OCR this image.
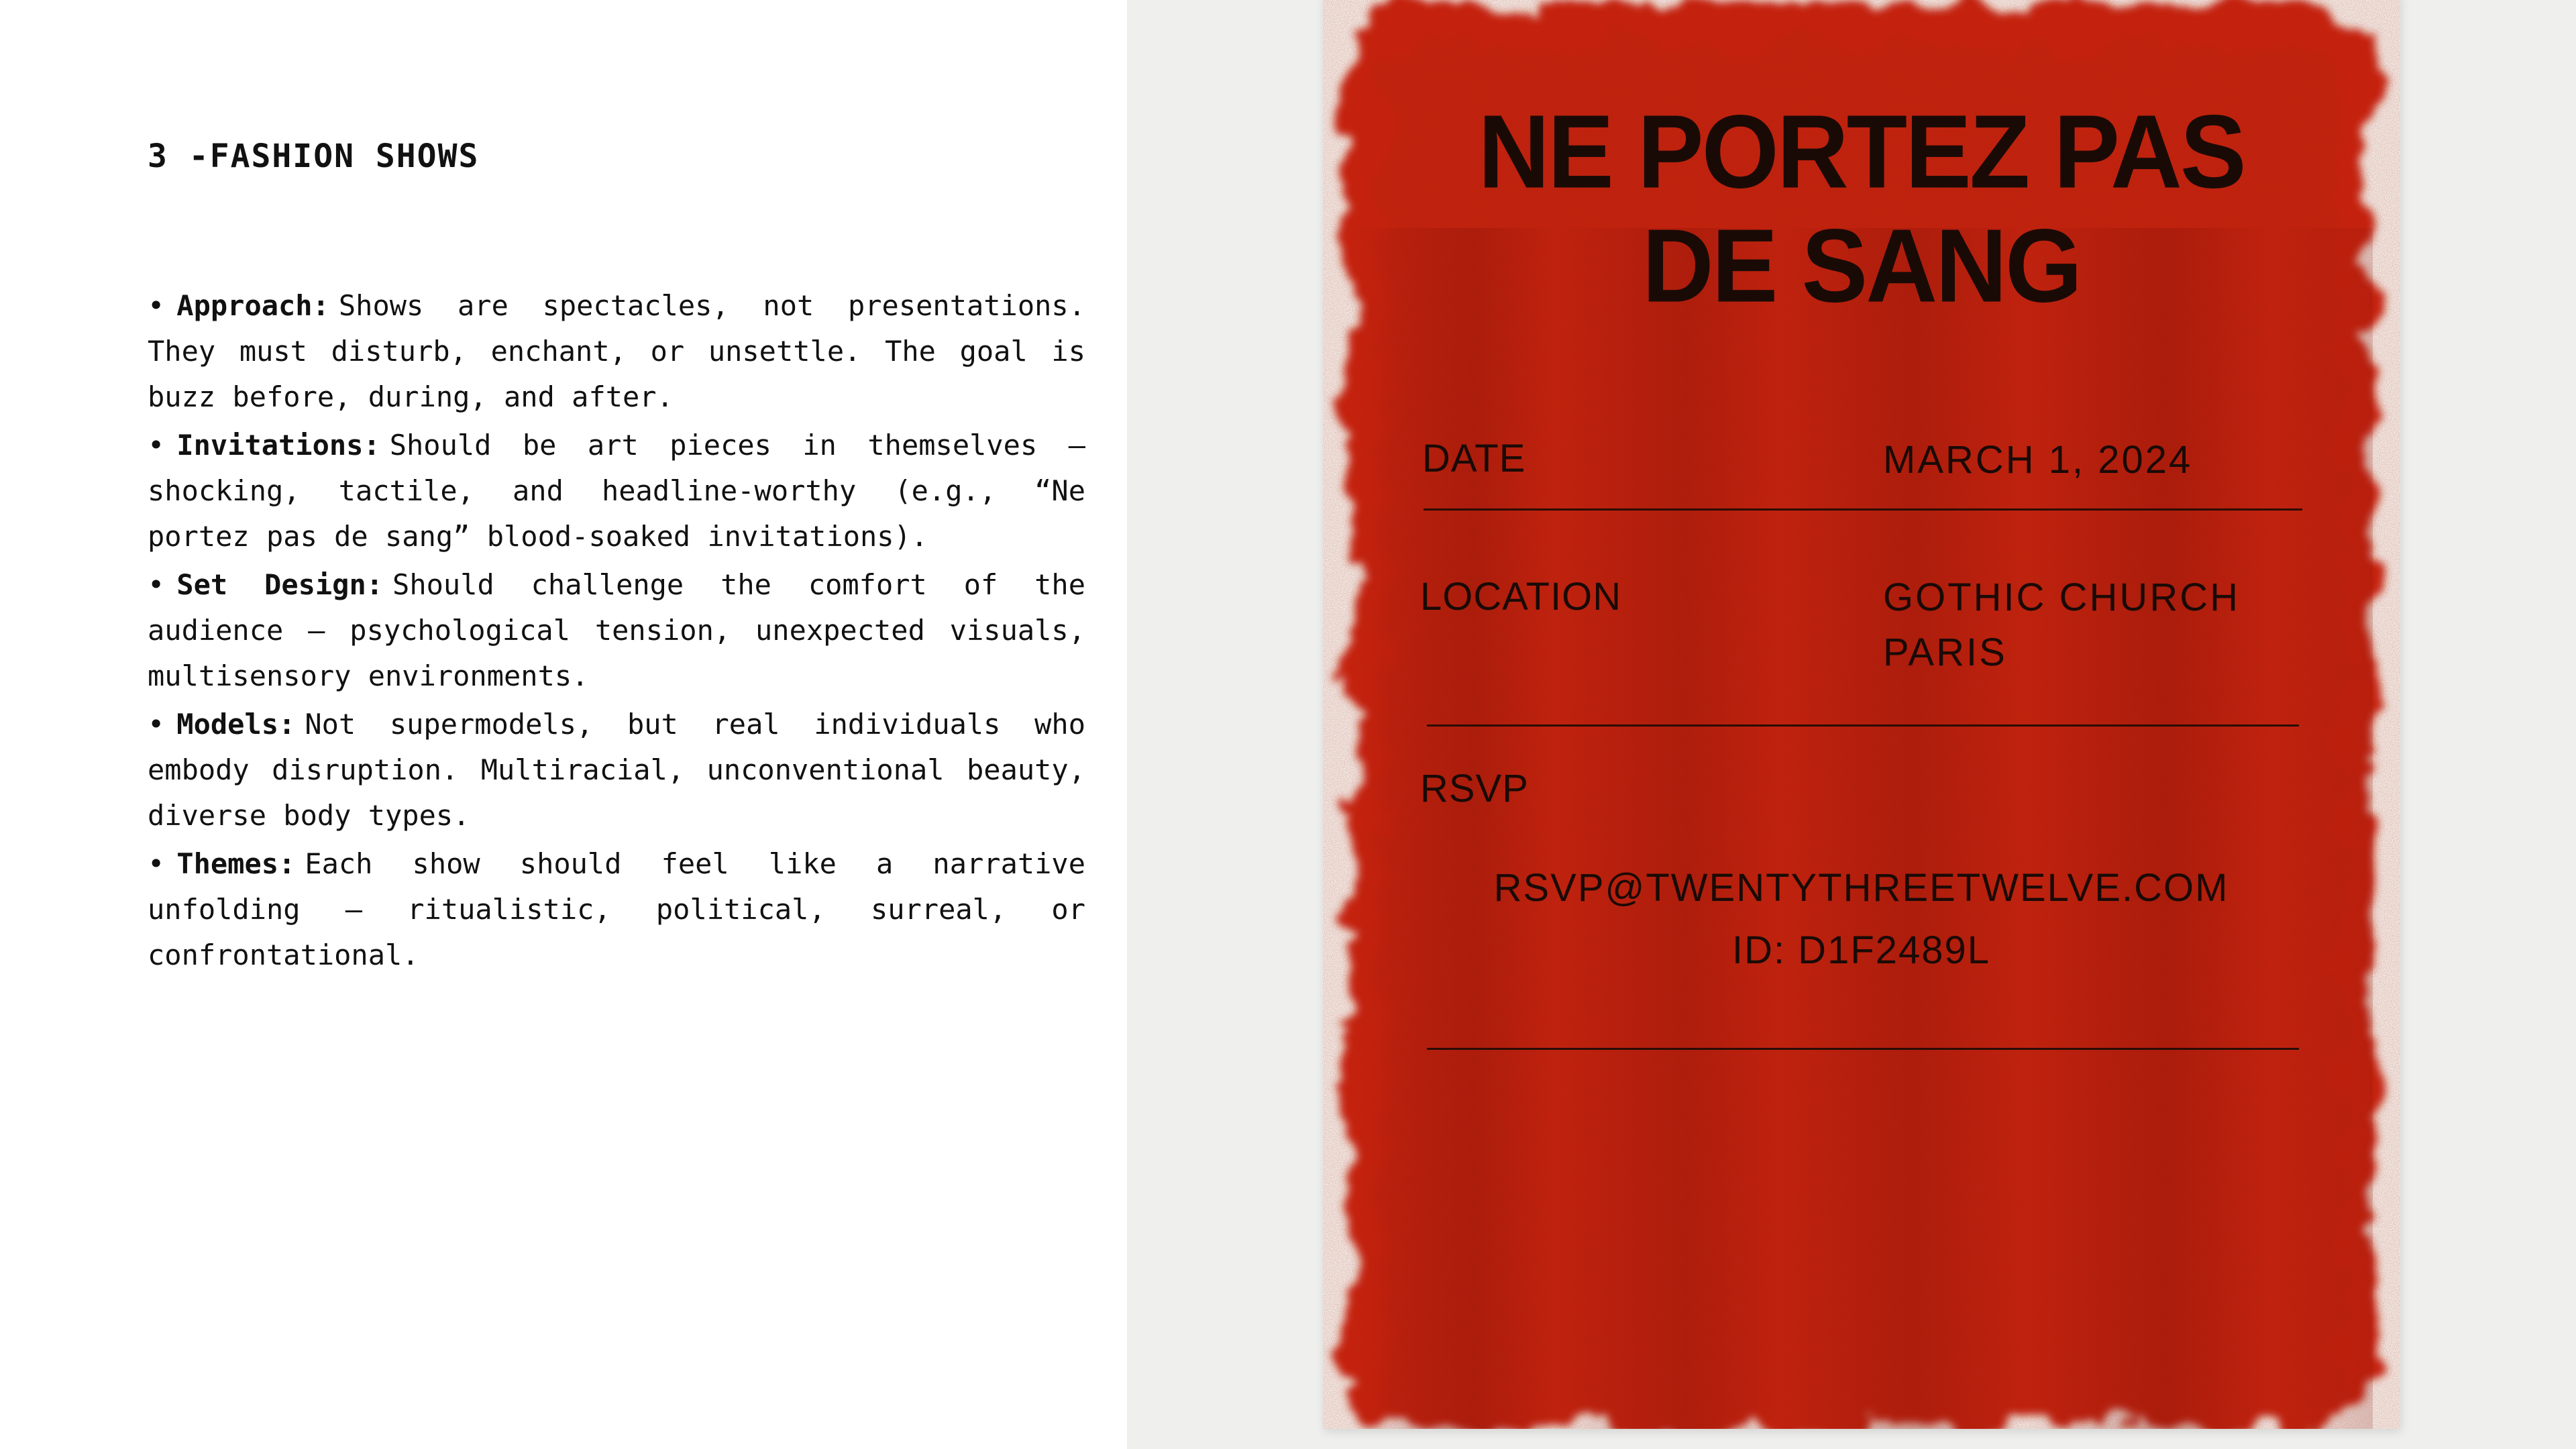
3 -FASHION SHOWS
• Approach: Shows are spectacles, not presentations. They must disturb, enchant, or unsettle. The goal is buzz before, during, and after.
• Invitations: Should be art pieces in themselves — shocking, tactile, and headline-worthy (e.g., “Ne portez pas de sang” blood-soaked invitations).
• Set Design: Should challenge the comfort of the audience — psychological tension, unexpected visuals, multisensory environments.
• Models: Not supermodels, but real individuals who embody disruption. Multiracial, unconventional beauty, diverse body types.
• Themes: Each show should feel like a narrative unfolding — ritualistic, political, surreal, or confrontational.
NE PORTEZ PAS
DE SANG
DATE	MARCH 1, 2024
LOCATION	GOTHIC CHURCH
PARIS
RSVP
RSVP@TWENTYTHREETWELVE.COM
ID: D1F2489L
